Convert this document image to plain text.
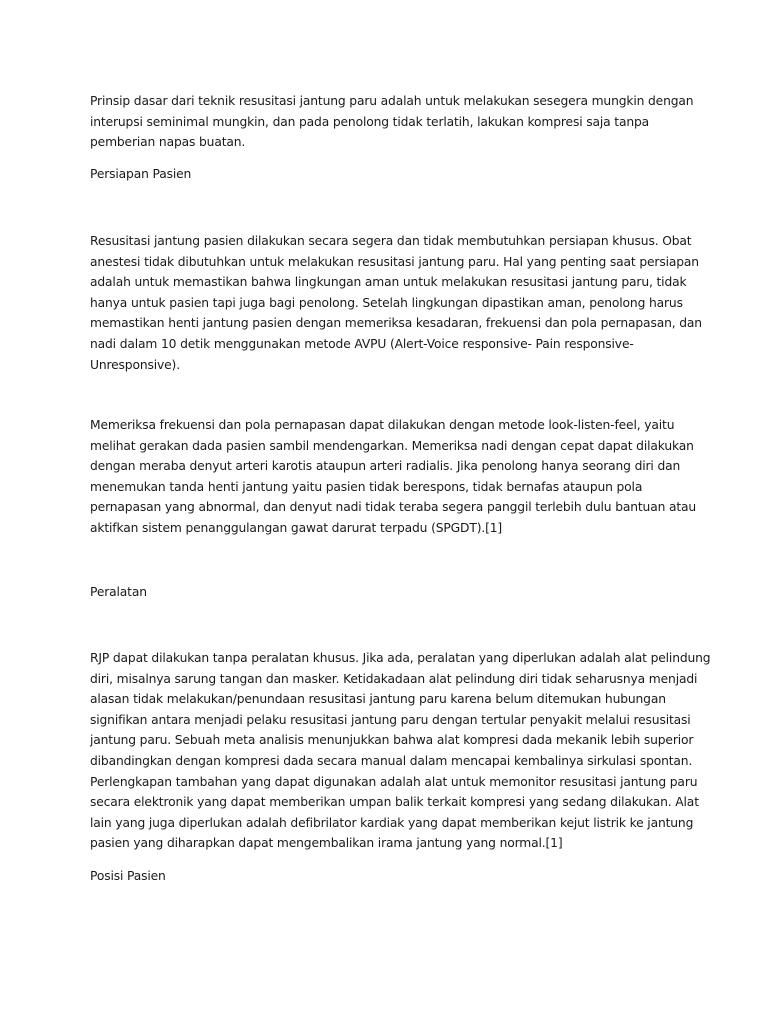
Prinsip dasar dari teknik resusitasi jantung paru adalah untuk melakukan sesegera mungkin dengan interupsi seminimal mungkin, dan pada penolong tidak terlatih, lakukan kompresi saja tanpa pemberian napas buatan.

Persiapan Pasien

Resusitasi jantung pasien dilakukan secara segera dan tidak membutuhkan persiapan khusus. Obat anestesi tidak dibutuhkan untuk melakukan resusitasi jantung paru. Hal yang penting saat persiapan adalah untuk memastikan bahwa lingkungan aman untuk melakukan resusitasi jantung paru, tidak hanya untuk pasien tapi juga bagi penolong. Setelah lingkungan dipastikan aman, penolong harus memastikan henti jantung pasien dengan memeriksa kesadaran, frekuensi dan pola pernapasan, dan nadi dalam 10 detik menggunakan metode AVPU (Alert-Voice responsive- Pain responsive-Unresponsive).

Memeriksa frekuensi dan pola pernapasan dapat dilakukan dengan metode look-listen-feel, yaitu melihat gerakan dada pasien sambil mendengarkan. Memeriksa nadi dengan cepat dapat dilakukan dengan meraba denyut arteri karotis ataupun arteri radialis. Jika penolong hanya seorang diri dan menemukan tanda henti jantung yaitu pasien tidak berespons, tidak bernafas ataupun pola pernapasan yang abnormal, dan denyut nadi tidak teraba segera panggil terlebih dulu bantuan atau aktifkan sistem penanggulangan gawat darurat terpadu (SPGDT).[1]

Peralatan

RJP dapat dilakukan tanpa peralatan khusus. Jika ada, peralatan yang diperlukan adalah alat pelindung diri, misalnya sarung tangan dan masker. Ketidakadaan alat pelindung diri tidak seharusnya menjadi alasan tidak melakukan/penundaan resusitasi jantung paru karena belum ditemukan hubungan signifikan antara menjadi pelaku resusitasi jantung paru dengan tertular penyakit melalui resusitasi jantung paru. Sebuah meta analisis menunjukkan bahwa alat kompresi dada mekanik lebih superior dibandingkan dengan kompresi dada secara manual dalam mencapai kembalinya sirkulasi spontan. Perlengkapan tambahan yang dapat digunakan adalah alat untuk memonitor resusitasi jantung paru secara elektronik yang dapat memberikan umpan balik terkait kompresi yang sedang dilakukan. Alat lain yang juga diperlukan adalah defibrilator kardiak yang dapat memberikan kejut listrik ke jantung pasien yang diharapkan dapat mengembalikan irama jantung yang normal.[1]

Posisi Pasien
